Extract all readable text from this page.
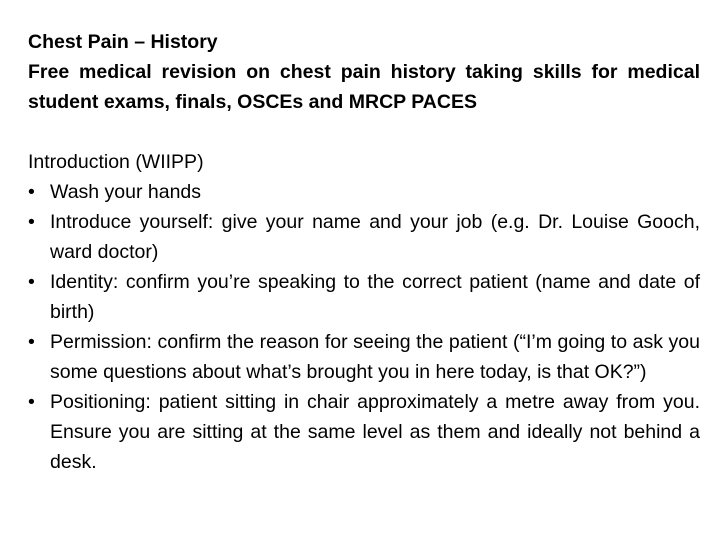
Chest Pain – History

Free medical revision on chest pain history taking skills for medical student exams, finals, OSCEs and MRCP PACES

Introduction (WIIPP)

• Wash your hands
• Introduce yourself: give your name and your job (e.g. Dr. Louise Gooch, ward doctor)
• Identity: confirm you’re speaking to the correct patient (name and date of birth)
• Permission: confirm the reason for seeing the patient (“I’m going to ask you some questions about what’s brought you in here today, is that OK?”)
• Positioning: patient sitting in chair approximately a metre away from you. Ensure you are sitting at the same level as them and ideally not behind a desk.
